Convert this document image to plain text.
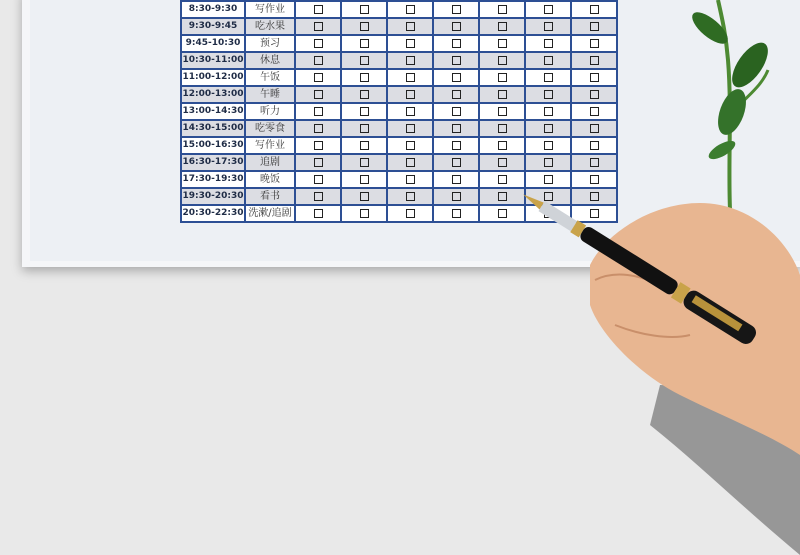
8:30-9:30	写作业							
9:30-9:45	吃水果							
9:45-10:30	预习							
10:30-11:00	休息							
11:00-12:00	午饭							
12:00-13:00	午睡							
13:00-14:30	听力							
14:30-15:00	吃零食							
15:00-16:30	写作业							
16:30-17:30	追剧							
17:30-19:30	晚饭							
19:30-20:30	看书							
20:30-22:30	洗漱/追剧							
